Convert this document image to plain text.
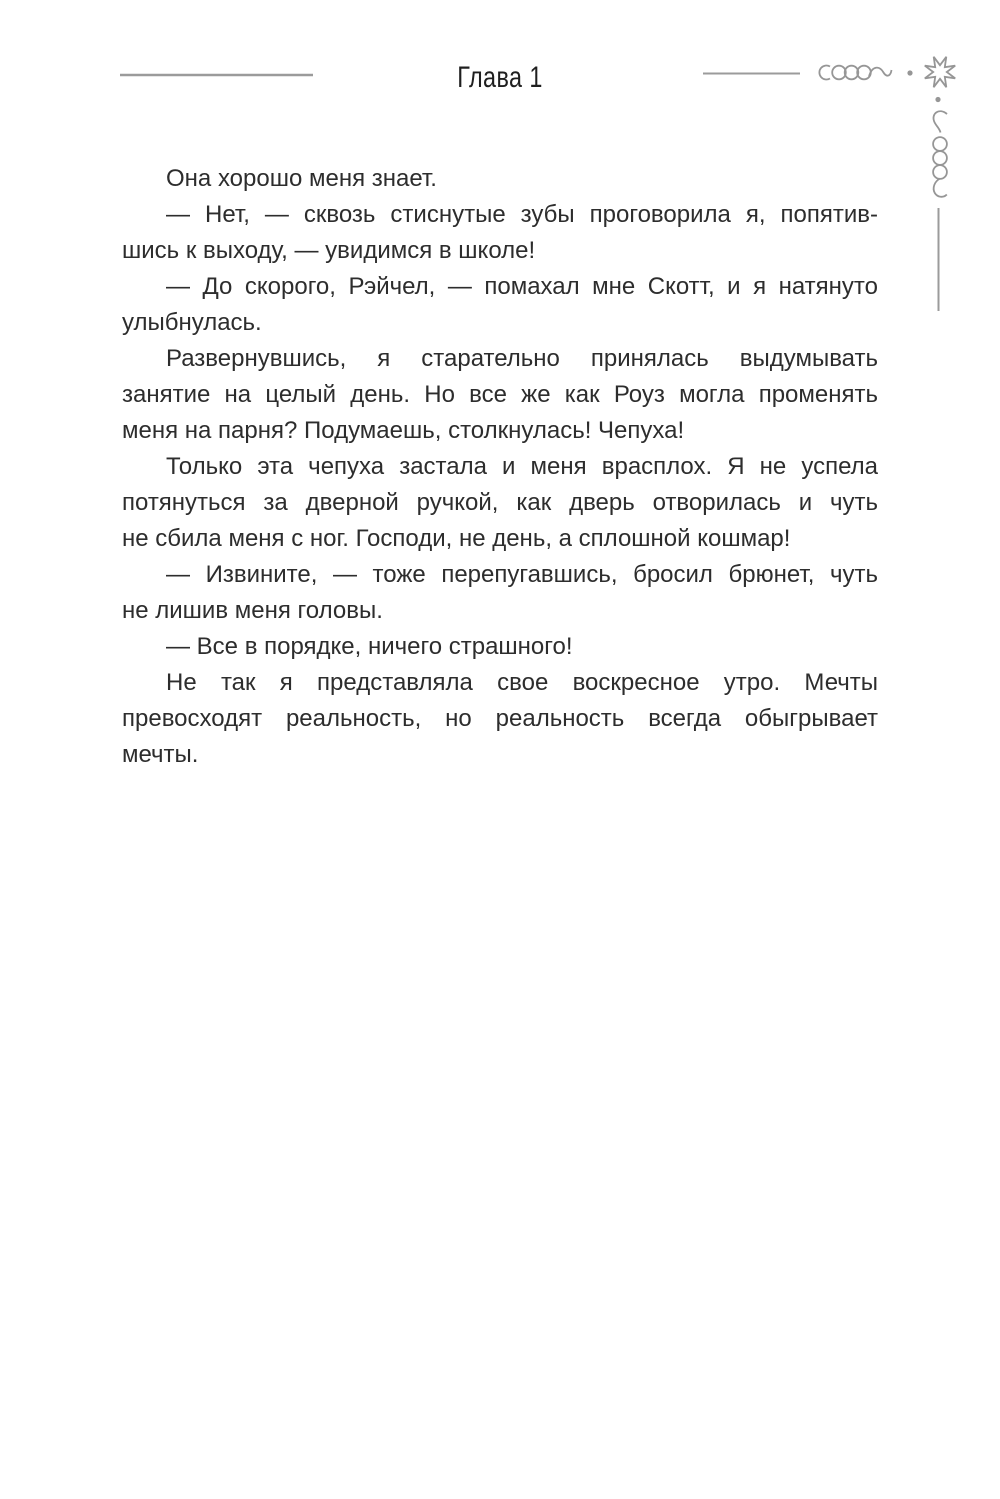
Глава 1

Она хорошо меня знает.

— Нет, — сквозь стиснутые зубы проговорила я, попятив-
шись к выходу, — увидимся в школе!

— До скорого, Рэйчел, — помахал мне Скотт, и я натянуто
улыбнулась.

Развернувшись, я старательно принялась выдумывать
занятие на целый день. Но все же как Роуз могла променять
меня на парня? Подумаешь, столкнулась! Чепуха!

Только эта чепуха застала и меня врасплох. Я не успела
потянуться за дверной ручкой, как дверь отворилась и чуть
не сбила меня с ног. Господи, не день, а сплошной кошмар!

— Извините, — тоже перепугавшись, бросил брюнет, чуть
не лишив меня головы.

— Все в порядке, ничего страшного!

Не так я представляла свое воскресное утро. Мечты
превосходят реальность, но реальность всегда обыгрывает
мечты.
